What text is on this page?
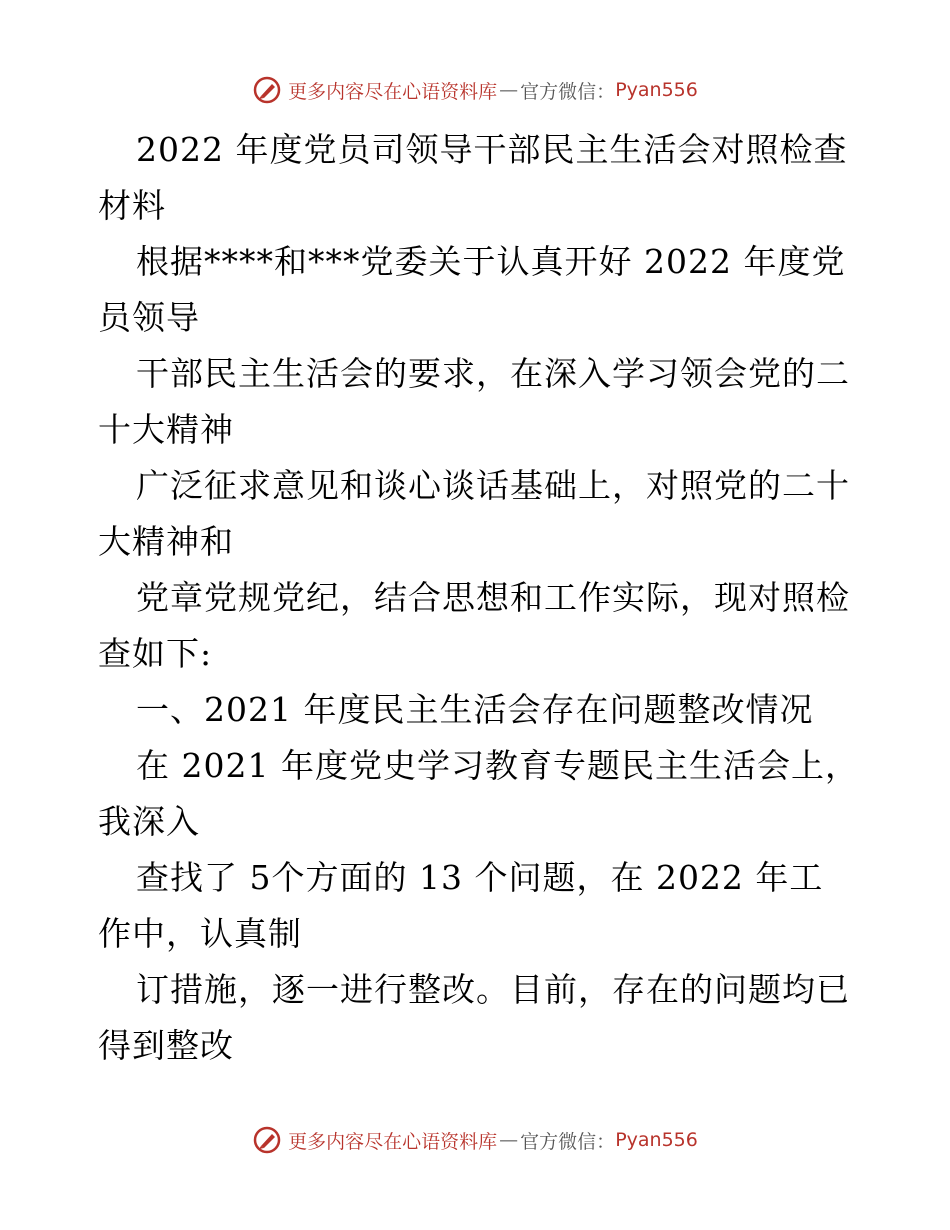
更多内容尽在心语资料库 — 官方微信： Pyan556
2022 年度党员司领导干部民主生活会对照检查
材料
根据****和***党委关于认真开好 2022 年度党
员领导
干部民主生活会的要求，在深入学习领会党的二
十大精神
广泛征求意见和谈心谈话基础上，对照党的二十
大精神和
党章党规党纪，结合思想和工作实际，现对照检
查如下:
一、2021 年度民主生活会存在问题整改情况
在 2021 年度党史学习教育专题民主生活会上，
我深入
查找了 5个方面的 13 个问题，在 2022 年工
作中，认真制
订措施，逐一进行整改。目前，存在的问题均已
得到整改
更多内容尽在心语资料库 — 官方微信： Pyan556
